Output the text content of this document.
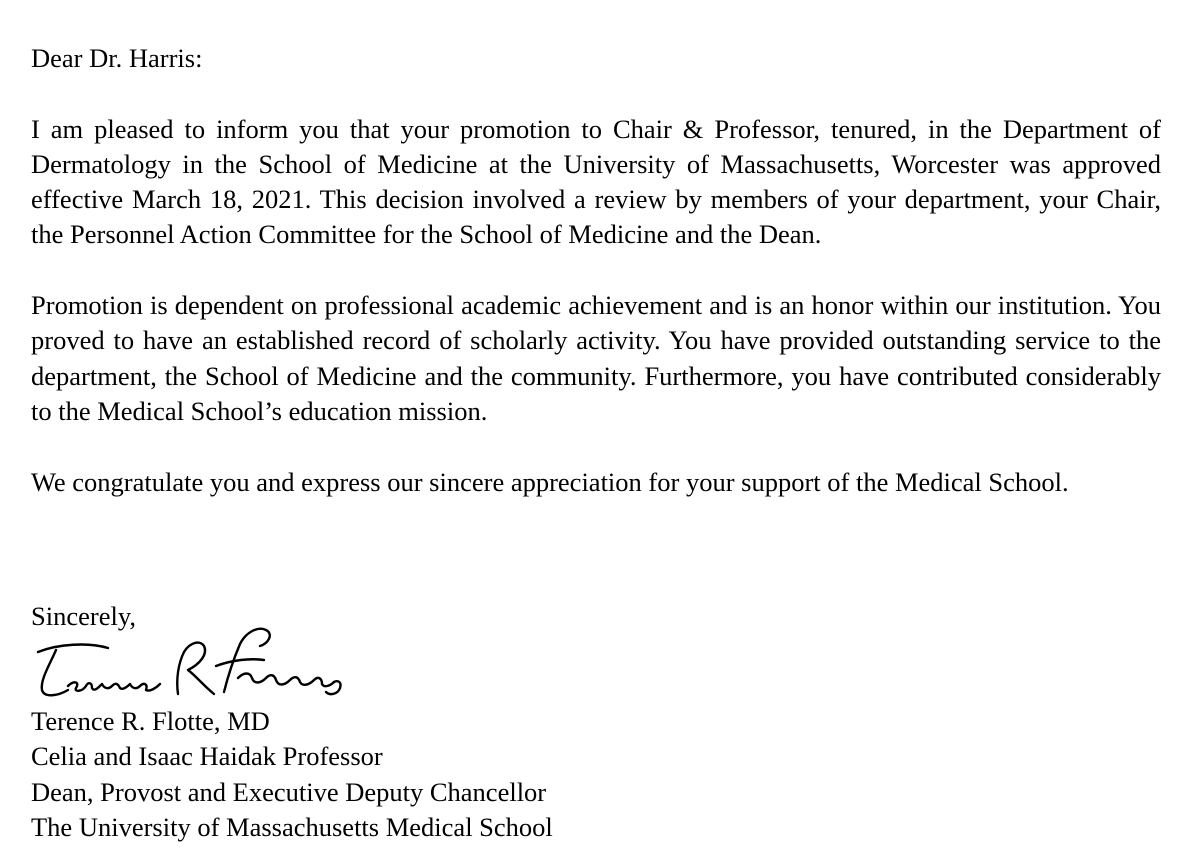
Dear Dr. Harris:

I am pleased to inform you that your promotion to Chair & Professor, tenured, in the Department of Dermatology in the School of Medicine at the University of Massachusetts, Worcester was approved effective March 18, 2021. This decision involved a review by members of your department, your Chair, the Personnel Action Committee for the School of Medicine and the Dean.

Promotion is dependent on professional academic achievement and is an honor within our institution. You proved to have an established record of scholarly activity. You have provided outstanding service to the department, the School of Medicine and the community. Furthermore, you have contributed considerably to the Medical School’s education mission.

We congratulate you and express our sincere appreciation for your support of the Medical School.

Sincerely,

Terence R. Flotte, MD

Celia and Isaac Haidak Professor

Dean, Provost and Executive Deputy Chancellor

The University of Massachusetts Medical School
